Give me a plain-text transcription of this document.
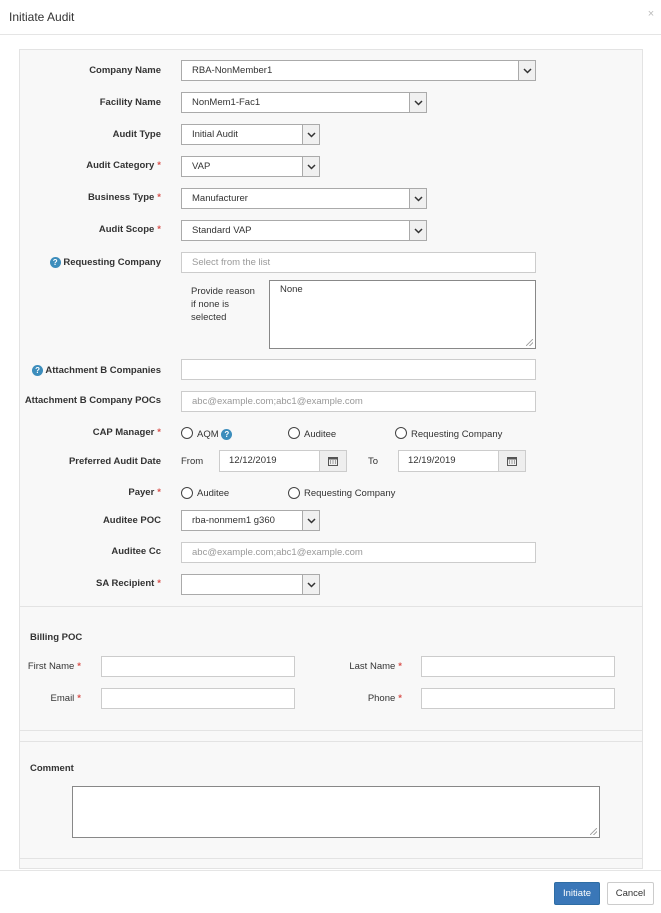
Initiate Audit	×
Company Name	RBA-NonMember1
Facility Name	NonMem1-Fac1
Audit Type	Initial Audit
Audit Category *	VAP
Business Type *	Manufacturer
Audit Scope *	Standard VAP
? Requesting Company	Select from the list
Provide reason if none is selected
None
? Attachment B Companies
Attachment B Company POCs	abc@example.com;abc1@example.com
CAP Manager *	AQM ?	Auditee	Requesting Company
Preferred Audit Date From	12/12/2019	To	12/19/2019
Payer *	Auditee	Requesting Company
Auditee POC	rba-nonmem1 g360
Auditee Cc	abc@example.com;abc1@example.com
SA Recipient *
Billing POC
First Name *	Last Name *
Email *	Phone *
Comment
Initiate	Cancel
